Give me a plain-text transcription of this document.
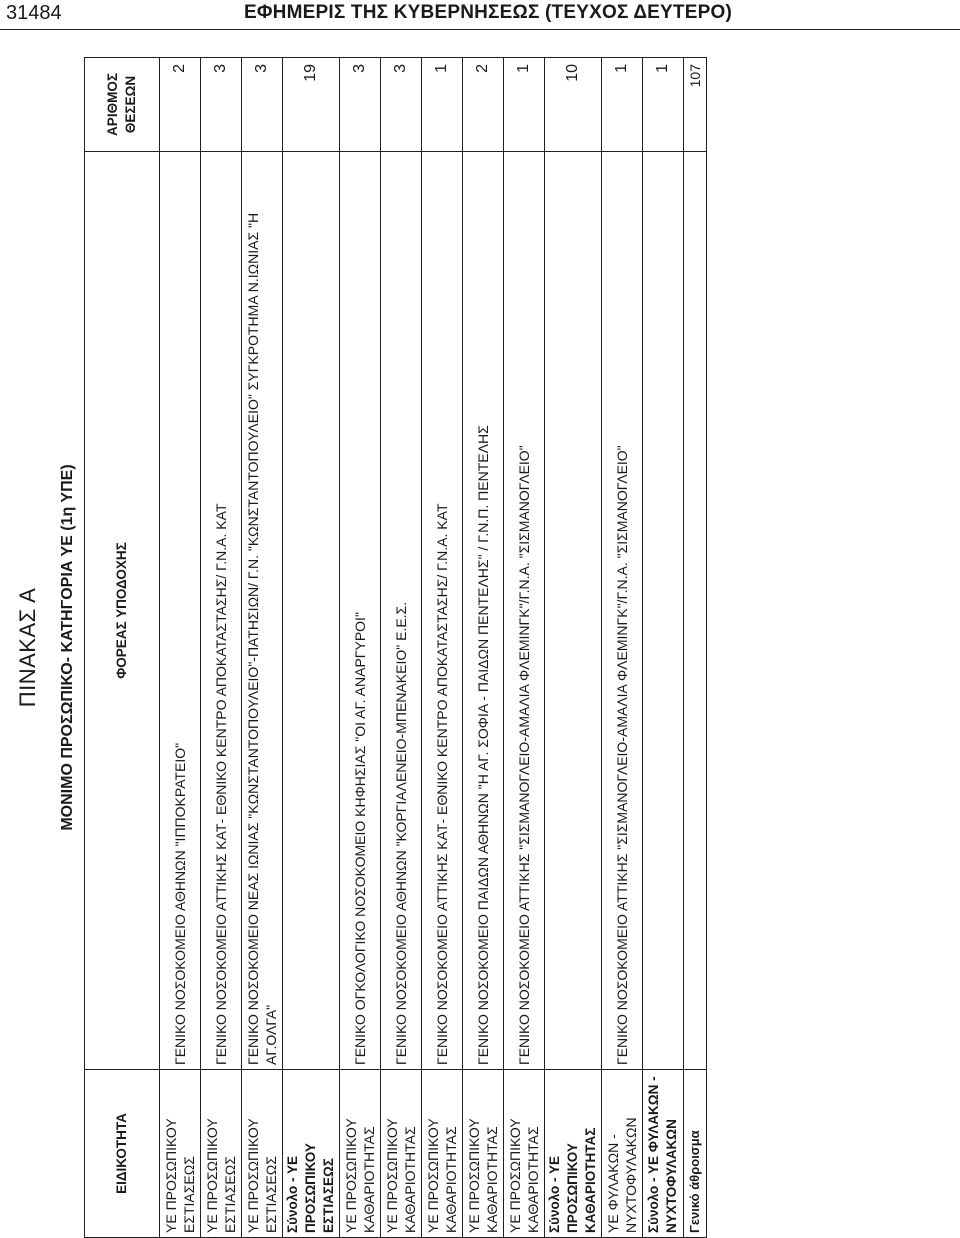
31484	ΕΦΗΜΕΡΙΣ ΤΗΣ ΚΥΒΕΡΝΗΣΕΩΣ (ΤΕΥΧΟΣ ΔΕΥΤΕΡΟ)
ΠΙΝΑΚΑΣ Α		
ΜΟΝΙΜΟ ΠΡΟΣΩΠΙΚΟ- ΚΑΤΗΓΟΡΙΑ ΥΕ (1η ΥΠΕ)		
ΕΙΔΙΚΟΤΗΤΑ	ΦΟΡΕΑΣ ΥΠΟΔΟΧΗΣ	ΑΡΙΘΜΟΣ ΘΕΣΕΩΝ
ΥΕ ΠΡΟΣΩΠΙΚΟΥ ΕΣΤΙΑΣΕΩΣ	ΓΕΝΙΚΟ ΝΟΣΟΚΟΜΕΙΟ ΑΘΗΝΩΝ "ΙΠΠΟΚΡΑΤΕΙΟ"	2
ΥΕ ΠΡΟΣΩΠΙΚΟΥ ΕΣΤΙΑΣΕΩΣ	ΓΕΝΙΚΟ ΝΟΣΟΚΟΜΕΙΟ ΑΤΤΙΚΗΣ ΚΑΤ- ΕΘΝΙΚΟ ΚΕΝΤΡΟ ΑΠΟΚΑΤΑΣΤΑΣΗΣ/ Γ.Ν.Α. ΚΑΤ	3
ΥΕ ΠΡΟΣΩΠΙΚΟΥ ΕΣΤΙΑΣΕΩΣ	ΓΕΝΙΚΟ ΝΟΣΟΚΟΜΕΙΟ ΝΕΑΣ ΙΩΝΙΑΣ "ΚΩΝΣΤΑΝΤΟΠΟΥΛΕΙΟ"-ΠΑΤΗΣΙΩΝ/ Γ.Ν. "ΚΩΝΣΤΑΝΤΟΠΟΥΛΕΙΟ" ΣΥΓΚΡΟΤΗΜΑ Ν.ΙΩΝΙΑΣ "Η ΑΓ.ΟΛΓΑ"	3
Σύνολο - ΥΕ ΠΡΟΣΩΠΙΚΟΥ ΕΣΤΙΑΣΕΩΣ		19
ΥΕ ΠΡΟΣΩΠΙΚΟΥ ΚΑΘΑΡΙΟΤΗΤΑΣ	ΓΕΝΙΚΟ ΟΓΚΟΛΟΓΙΚΟ ΝΟΣΟΚΟΜΕΙΟ ΚΗΦΗΣΙΑΣ "ΟΙ ΑΓ. ΑΝΑΡΓΥΡΟΙ"	3
ΥΕ ΠΡΟΣΩΠΙΚΟΥ ΚΑΘΑΡΙΟΤΗΤΑΣ	ΓΕΝΙΚΟ ΝΟΣΟΚΟΜΕΙΟ ΑΘΗΝΩΝ "ΚΟΡΓΙΑΛΕΝΕΙΟ-ΜΠΕΝΑΚΕΙΟ" Ε.Ε.Σ.	3
ΥΕ ΠΡΟΣΩΠΙΚΟΥ ΚΑΘΑΡΙΟΤΗΤΑΣ	ΓΕΝΙΚΟ ΝΟΣΟΚΟΜΕΙΟ ΑΤΤΙΚΗΣ ΚΑΤ- ΕΘΝΙΚΟ ΚΕΝΤΡΟ ΑΠΟΚΑΤΑΣΤΑΣΗΣ/ Γ.Ν.Α. ΚΑΤ	1
ΥΕ ΠΡΟΣΩΠΙΚΟΥ ΚΑΘΑΡΙΟΤΗΤΑΣ	ΓΕΝΙΚΟ ΝΟΣΟΚΟΜΕΙΟ ΠΑΙΔΩΝ ΑΘΗΝΩΝ "Η ΑΓ. ΣΟΦΙΑ - ΠΑΙΔΩΝ ΠΕΝΤΕΛΗΣ" / Γ.Ν.Π. ΠΕΝΤΕΛΗΣ	2
ΥΕ ΠΡΟΣΩΠΙΚΟΥ ΚΑΘΑΡΙΟΤΗΤΑΣ	ΓΕΝΙΚΟ ΝΟΣΟΚΟΜΕΙΟ ΑΤΤΙΚΗΣ "ΣΙΣΜΑΝΟΓΛΕΙΟ-ΑΜΑΛΙΑ ΦΛΕΜΙΝΓΚ"/Γ.Ν.Α. "ΣΙΣΜΑΝΟΓΛΕΙΟ"	1
Σύνολο - ΥΕ ΠΡΟΣΩΠΙΚΟΥ ΚΑΘΑΡΙΟΤΗΤΑΣ		10
ΥΕ ΦΥΛΑΚΩΝ - ΝΥΧΤΟΦΥΛΑΚΩΝ	ΓΕΝΙΚΟ ΝΟΣΟΚΟΜΕΙΟ ΑΤΤΙΚΗΣ "ΣΙΣΜΑΝΟΓΛΕΙΟ-ΑΜΑΛΙΑ ΦΛΕΜΙΝΓΚ"/Γ.Ν.Α. "ΣΙΣΜΑΝΟΓΛΕΙΟ"	1
Σύνολο - ΥΕ ΦΥΛΑΚΩΝ - ΝΥΧΤΟΦΥΛΑΚΩΝ		1
Γενικό άθροισμα		107
